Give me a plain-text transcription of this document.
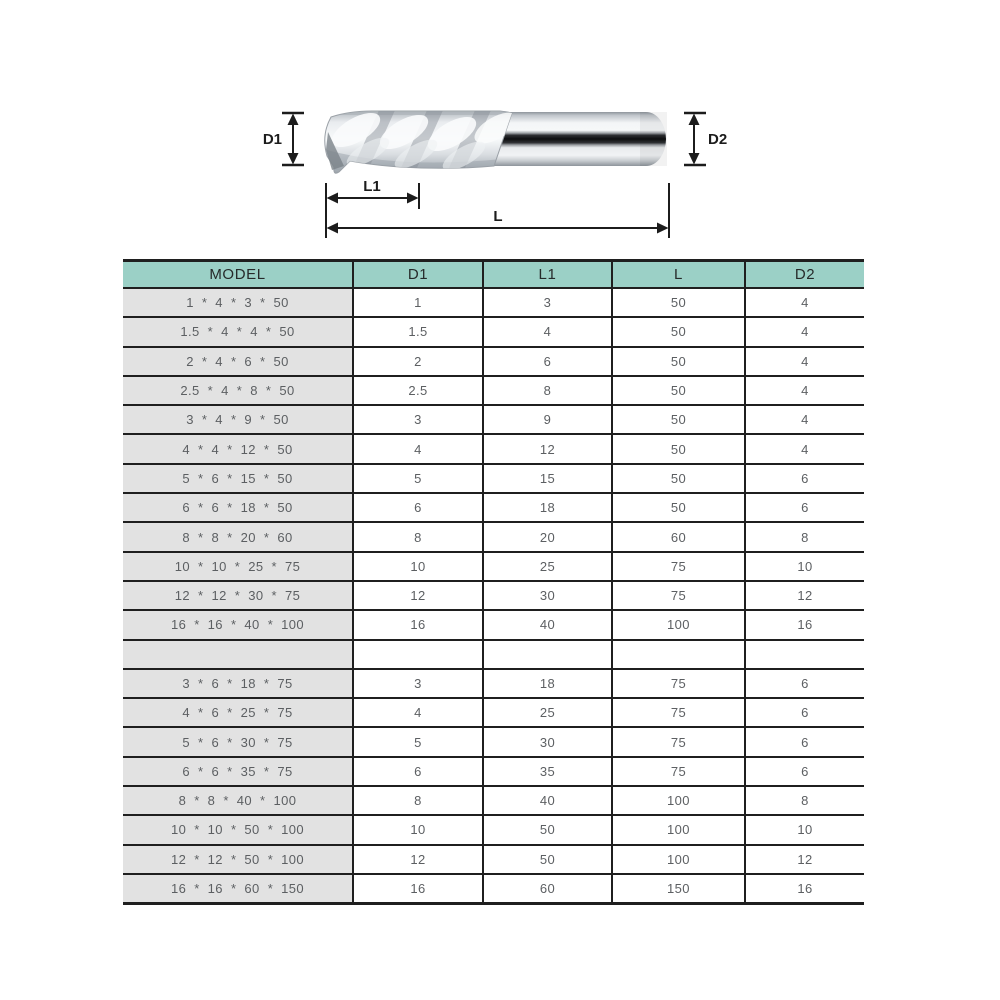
D1	D2
L1
L
MODEL	D1	L1	L	D2
1 * 4 * 3 * 50	1	3	50	4
1.5 * 4 * 4 * 50	1.5	4	50	4
2 * 4 * 6 * 50	2	6	50	4
2.5 * 4 * 8 * 50	2.5	8	50	4
3 * 4 * 9 * 50	3	9	50	4
4 * 4 * 12 * 50	4	12	50	4
5 * 6 * 15 * 50	5	15	50	6
6 * 6 * 18 * 50	6	18	50	6
8 * 8 * 20 * 60	8	20	60	8
10 * 10 * 25 * 75	10	25	75	10
12 * 12 * 30 * 75	12	30	75	12
16 * 16 * 40 * 100	16	40	100	16

3 * 6 * 18 * 75	3	18	75	6
4 * 6 * 25 * 75	4	25	75	6
5 * 6 * 30 * 75	5	30	75	6
6 * 6 * 35 * 75	6	35	75	6
8 * 8 * 40 * 100	8	40	100	8
10 * 10 * 50 * 100	10	50	100	10
12 * 12 * 50 * 100	12	50	100	12
16 * 16 * 60 * 150	16	60	150	16
